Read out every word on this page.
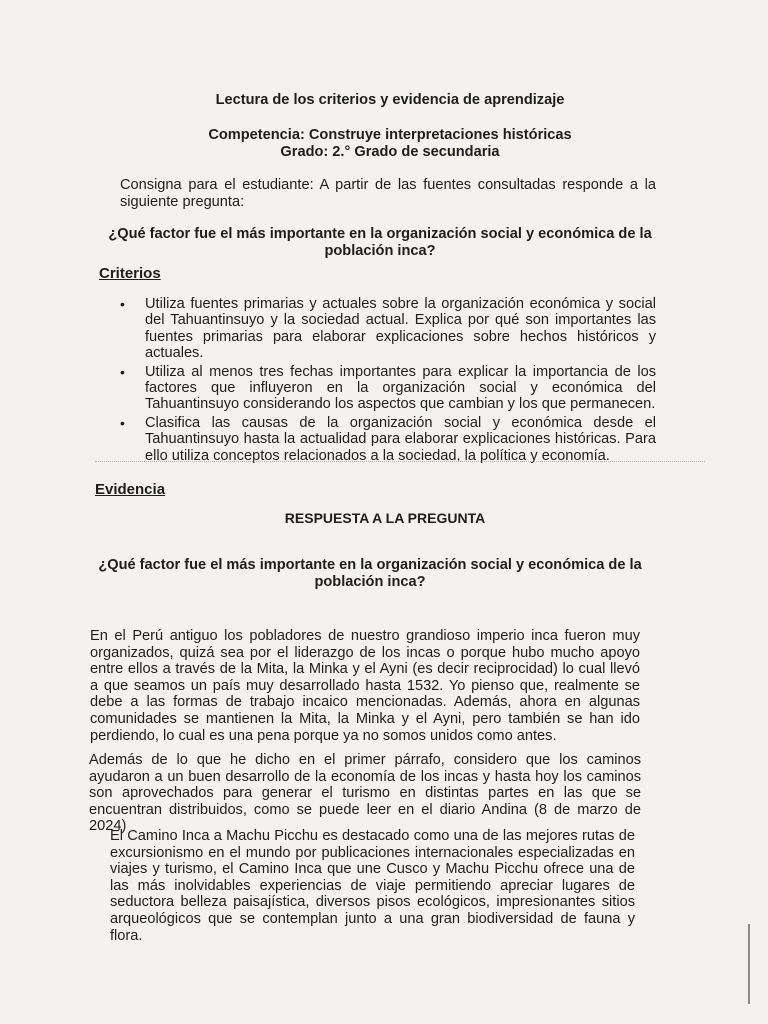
Lectura de los criterios y evidencia de aprendizaje
Competencia: Construye interpretaciones históricas
Grado: 2.° Grado de secundaria
Consigna para el estudiante: A partir de las fuentes consultadas responde a la siguiente pregunta:
¿Qué factor fue el más importante en la organización social y económica de la población inca?
Criterios
• Utiliza fuentes primarias y actuales sobre la organización económica y social del Tahuantinsuyo y la sociedad actual. Explica por qué son importantes las fuentes primarias para elaborar explicaciones sobre hechos históricos y actuales.
• Utiliza al menos tres fechas importantes para explicar la importancia de los factores que influyeron en la organización social y económica del Tahuantinsuyo considerando los aspectos que cambian y los que permanecen.
• Clasifica las causas de la organización social y económica desde el Tahuantinsuyo hasta la actualidad para elaborar explicaciones históricas. Para ello utiliza conceptos relacionados a la sociedad, la política y economía.
Evidencia
RESPUESTA A LA PREGUNTA
¿Qué factor fue el más importante en la organización social y económica de la población inca?
En el Perú antiguo los pobladores de nuestro grandioso imperio inca fueron muy organizados, quizá sea por el liderazgo de los incas o porque hubo mucho apoyo entre ellos a través de la Mita, la Minka y el Ayni (es decir reciprocidad) lo cual llevó a que seamos un país muy desarrollado hasta 1532. Yo pienso que, realmente se debe a las formas de trabajo incaico mencionadas. Además, ahora en algunas comunidades se mantienen la Mita, la Minka y el Ayni, pero también se han ido perdiendo, lo cual es una pena porque ya no somos unidos como antes.
Además de lo que he dicho en el primer párrafo, considero que los caminos ayudaron a un buen desarrollo de la economía de los incas y hasta hoy los caminos son aprovechados para generar el turismo en distintas partes en las que se encuentran distribuidos, como se puede leer en el diario Andina (8 de marzo de 2024)
El Camino Inca a Machu Picchu es destacado como una de las mejores rutas de excursionismo en el mundo por publicaciones internacionales especializadas en viajes y turismo, el Camino Inca que une Cusco y Machu Picchu ofrece una de las más inolvidables experiencias de viaje permitiendo apreciar lugares de seductora belleza paisajística, diversos pisos ecológicos, impresionantes sitios arqueológicos que se contemplan junto a una gran biodiversidad de fauna y flora.
